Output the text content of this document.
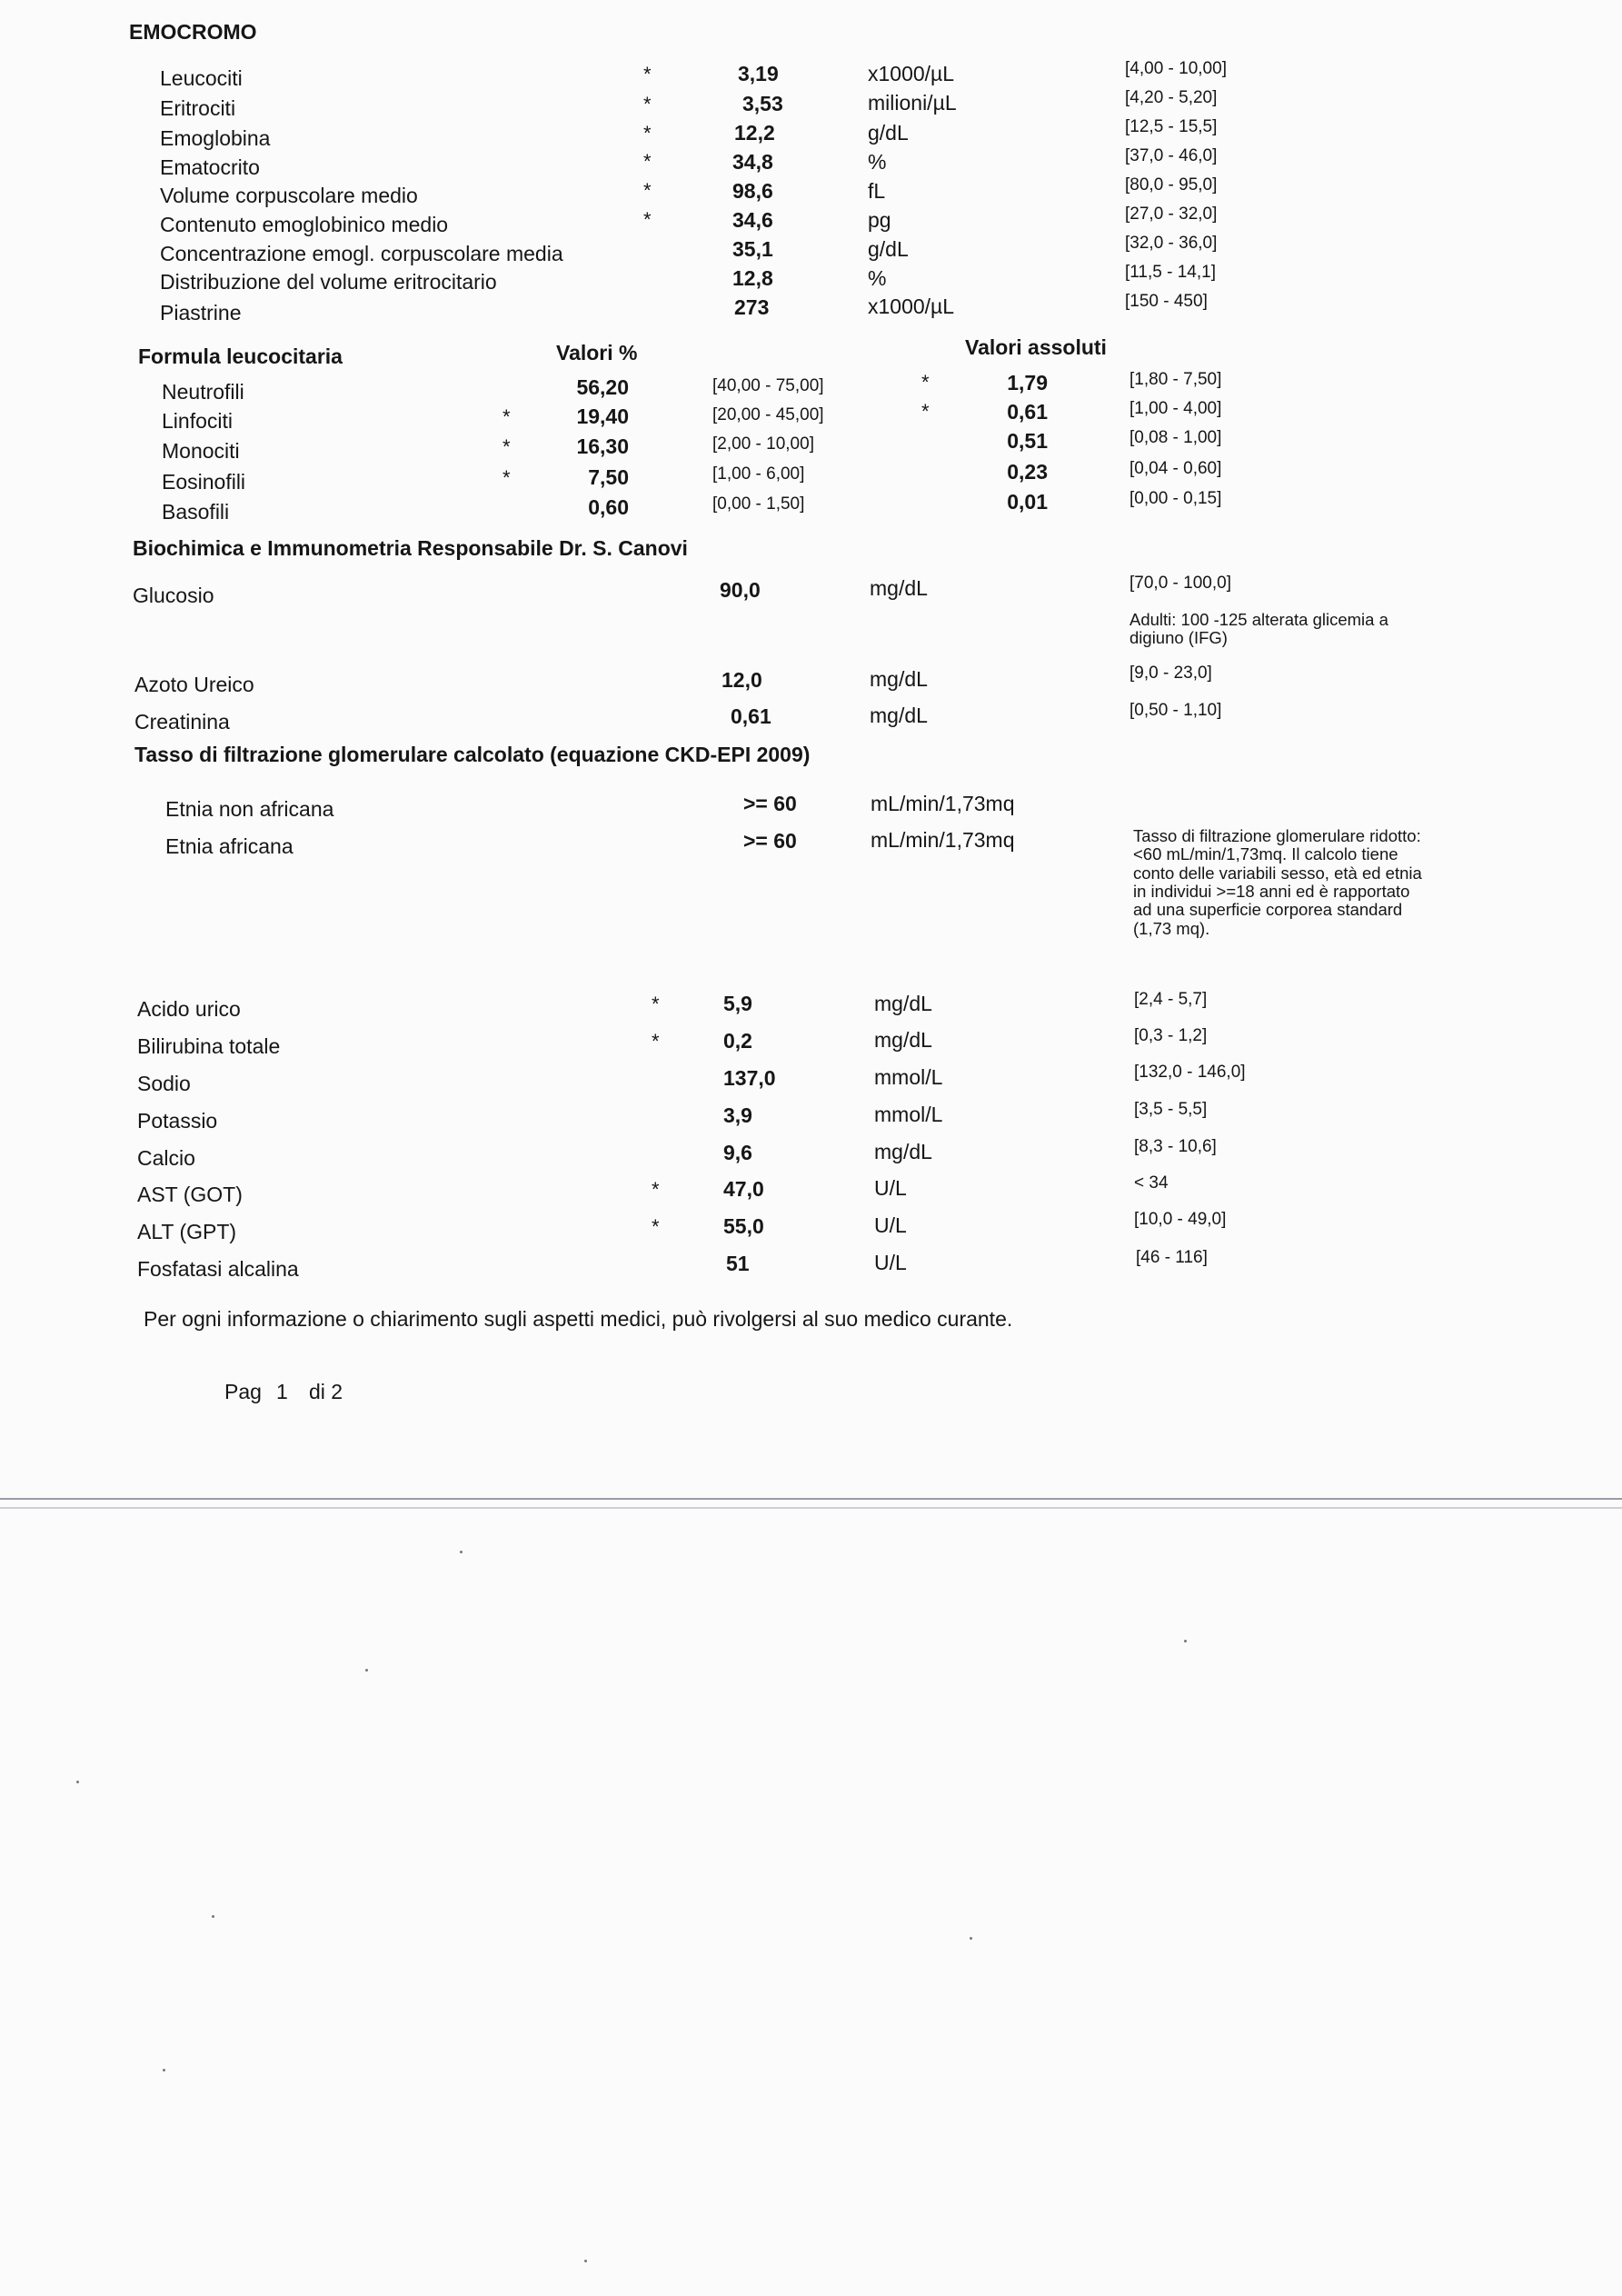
EMOCROMO
Leucociti	*	3,19	x1000/µL	[4,00 - 10,00]
Eritrociti	*	3,53	milioni/µL	[4,20 - 5,20]
Emoglobina	*	12,2	g/dL	[12,5 - 15,5]
Ematocrito	*	34,8	%	[37,0 - 46,0]
Volume corpuscolare medio	*	98,6	fL	[80,0 - 95,0]
Contenuto emoglobinico medio	*	34,6	pg	[27,0 - 32,0]
Concentrazione emogl. corpuscolare media	35,1	g/dL	[32,0 - 36,0]
Distribuzione del volume eritrocitario	12,8	%	[11,5 - 14,1]
Piastrine	273	x1000/µL	[150 - 450]
Formula leucocitaria	Valori %	Valori assoluti
Neutrofili	56,20	[40,00 - 75,00]	*	1,79	[1,80 - 7,50]
Linfociti	*	19,40	[20,00 - 45,00]	*	0,61	[1,00 - 4,00]
Monociti	*	16,30	[2,00 - 10,00]	0,51	[0,08 - 1,00]
Eosinofili	*	7,50	[1,00 - 6,00]	0,23	[0,04 - 0,60]
Basofili	0,60	[0,00 - 1,50]	0,01	[0,00 - 0,15]
Biochimica e Immunometria Responsabile Dr. S. Canovi
Glucosio	90,0	mg/dL	[70,0 - 100,0]
Adulti: 100 -125 alterata glicemia a digiuno (IFG)
Azoto Ureico	12,0	mg/dL	[9,0 - 23,0]
Creatinina	0,61	mg/dL	[0,50 - 1,10]
Tasso di filtrazione glomerulare calcolato (equazione CKD-EPI 2009)
Etnia non africana	>= 60	mL/min/1,73mq
Etnia africana	>= 60	mL/min/1,73mq	Tasso di filtrazione glomerulare ridotto: <60 mL/min/1,73mq. Il calcolo tiene conto delle variabili sesso, età ed etnia in individui >=18 anni ed è rapportato ad una superficie corporea standard (1,73 mq).
Acido urico	*	5,9	mg/dL	[2,4 - 5,7]
Bilirubina totale	*	0,2	mg/dL	[0,3 - 1,2]
Sodio	137,0	mmol/L	[132,0 - 146,0]
Potassio	3,9	mmol/L	[3,5 - 5,5]
Calcio	9,6	mg/dL	[8,3 - 10,6]
AST (GOT)	*	47,0	U/L	< 34
ALT (GPT)	*	55,0	U/L	[10,0 - 49,0]
Fosfatasi alcalina	51	U/L	[46 - 116]
Per ogni informazione o chiarimento sugli aspetti medici, può rivolgersi al suo medico curante.
Pag 1 di 2
